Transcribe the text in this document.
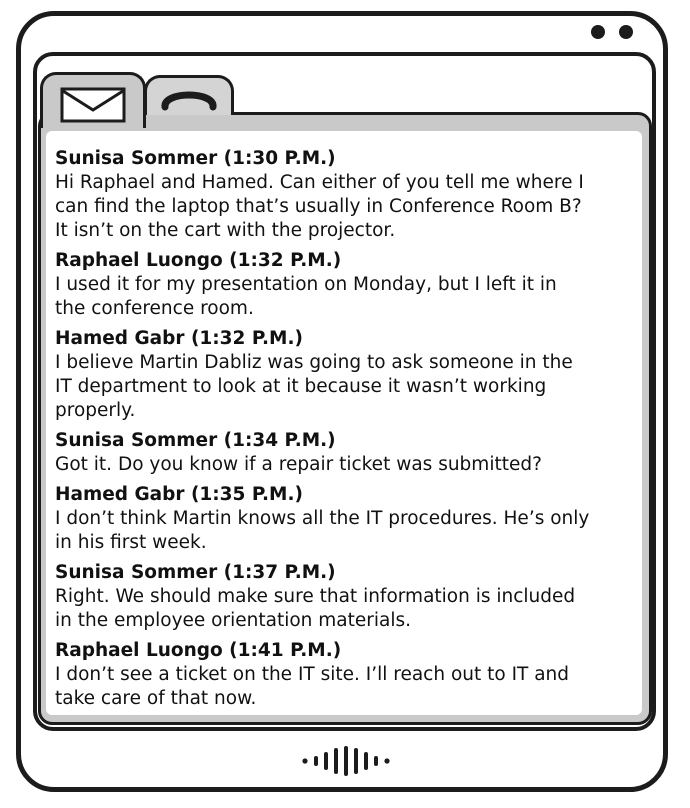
Sunisa Sommer (1:30 P.M.)
Hi Raphael and Hamed. Can either of you tell me where I
can find the laptop that’s usually in Conference Room B?
It isn’t on the cart with the projector.
Raphael Luongo (1:32 P.M.)
I used it for my presentation on Monday, but I left it in
the conference room.
Hamed Gabr (1:32 P.M.)
I believe Martin Dabliz was going to ask someone in the
IT department to look at it because it wasn’t working
properly.
Sunisa Sommer (1:34 P.M.)
Got it. Do you know if a repair ticket was submitted?
Hamed Gabr (1:35 P.M.)
I don’t think Martin knows all the IT procedures. He’s only
in his first week.
Sunisa Sommer (1:37 P.M.)
Right. We should make sure that information is included
in the employee orientation materials.
Raphael Luongo (1:41 P.M.)
I don’t see a ticket on the IT site. I’ll reach out to IT and
take care of that now.
